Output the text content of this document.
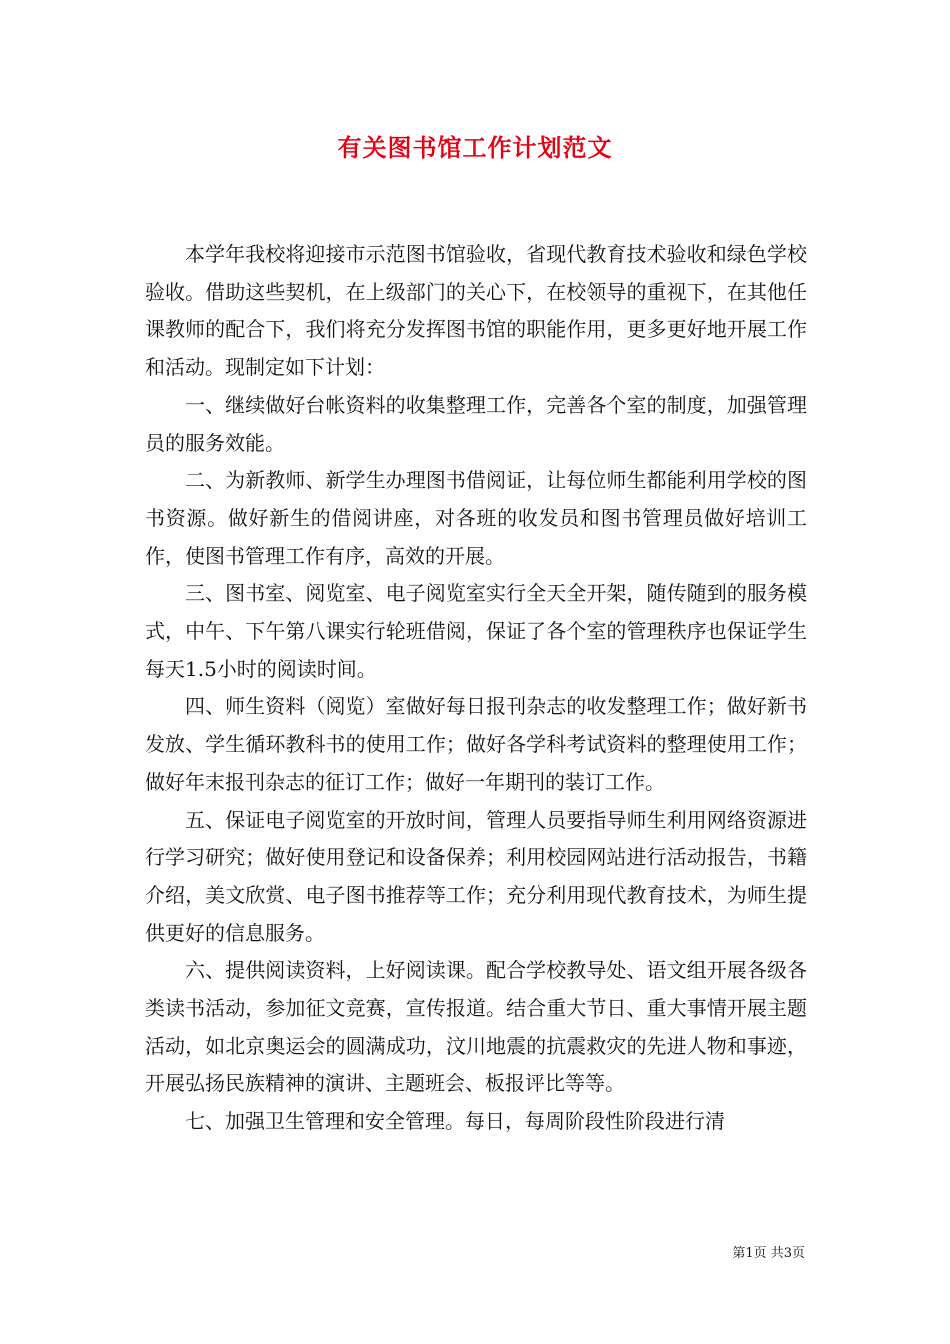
有关图书馆工作计划范文

本学年我校将迎接市示范图书馆验收，省现代教育技术验收和绿色学校验收。借助这些契机，在上级部门的关心下，在校领导的重视下，在其他任课教师的配合下，我们将充分发挥图书馆的职能作用，更多更好地开展工作和活动。现制定如下计划：

一、继续做好台帐资料的收集整理工作，完善各个室的制度，加强管理员的服务效能。

二、为新教师、新学生办理图书借阅证，让每位师生都能利用学校的图书资源。做好新生的借阅讲座，对各班的收发员和图书管理员做好培训工作，使图书管理工作有序，高效的开展。

三、图书室、阅览室、电子阅览室实行全天全开架，随传随到的服务模式，中午、下午第八课实行轮班借阅，保证了各个室的管理秩序也保证学生每天1.5小时的阅读时间。

四、师生资料（阅览）室做好每日报刊杂志的收发整理工作；做好新书发放、学生循环教科书的使用工作；做好各学科考试资料的整理使用工作；做好年末报刊杂志的征订工作；做好一年期刊的装订工作。

五、保证电子阅览室的开放时间，管理人员要指导师生利用网络资源进行学习研究；做好使用登记和设备保养；利用校园网站进行活动报告，书籍介绍，美文欣赏、电子图书推荐等工作；充分利用现代教育技术，为师生提供更好的信息服务。

六、提供阅读资料，上好阅读课。配合学校教导处、语文组开展各级各类读书活动，参加征文竞赛，宣传报道。结合重大节日、重大事情开展主题活动，如北京奥运会的圆满成功，汶川地震的抗震救灾的先进人物和事迹，开展弘扬民族精神的演讲、主题班会、板报评比等等。

七、加强卫生管理和安全管理。每日，每周阶段性阶段进行清

第1页 共3页
